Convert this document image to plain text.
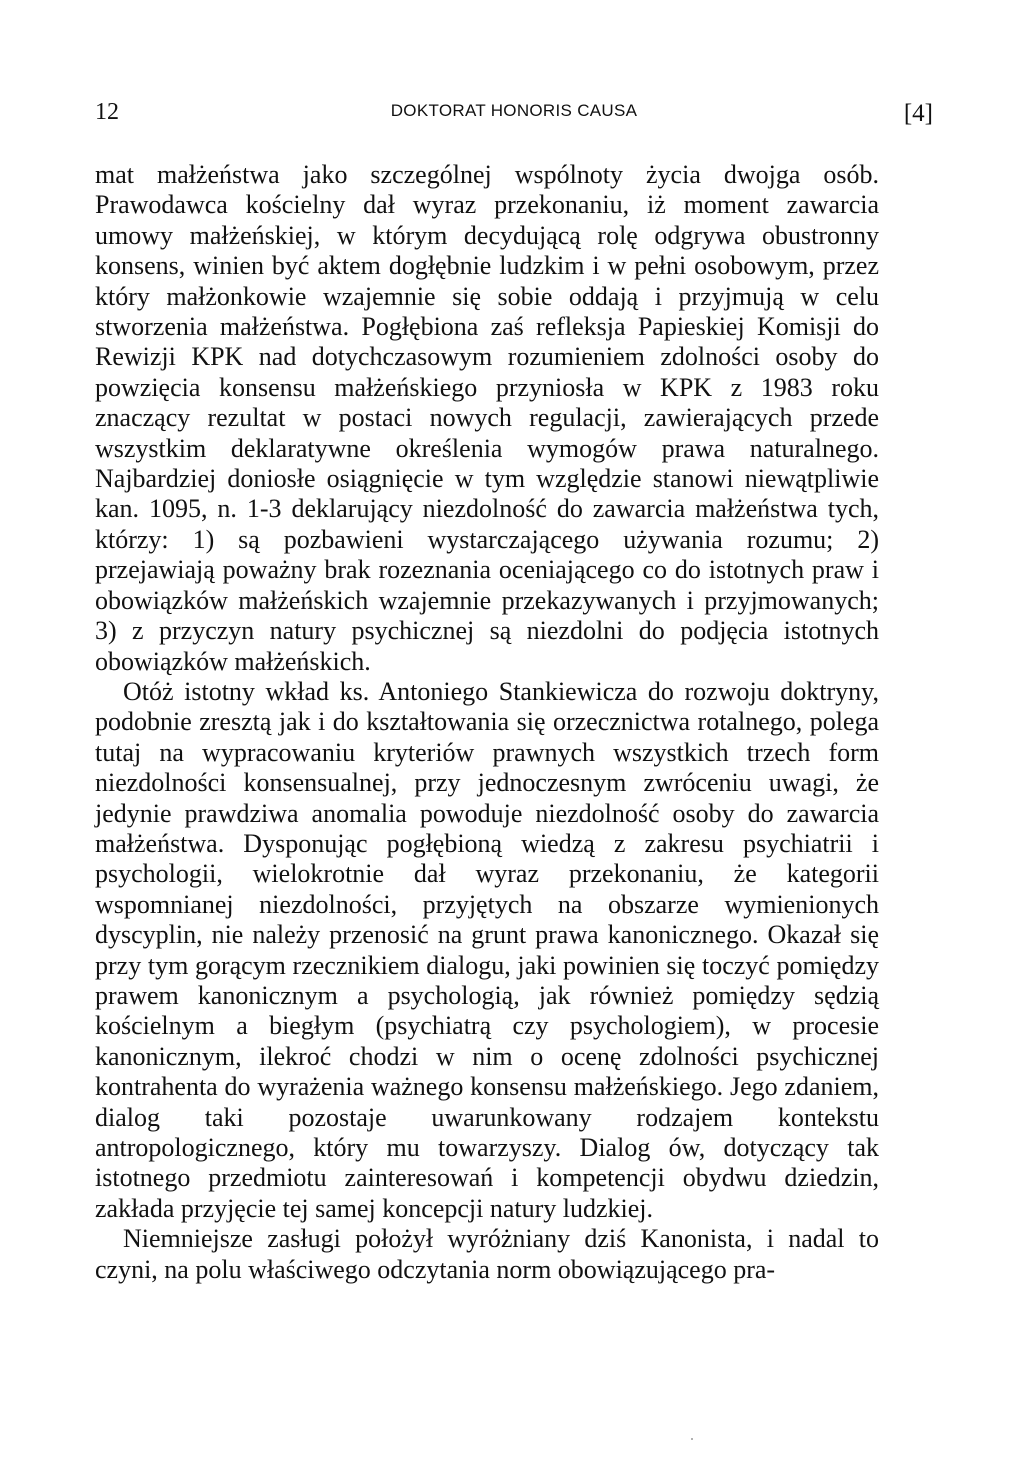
12	DOKTORAT HONORIS CAUSA	[4]

mat małżeństwa jako szczególnej wspólnoty życia dwojga osób. Prawodawca kościelny dał wyraz przekonaniu, iż moment zawarcia umowy małżeńskiej, w którym decydującą rolę odgrywa obustronny konsens, winien być aktem dogłębnie ludzkim i w pełni osobowym, przez który małżonkowie wzajemnie się sobie oddają i przyjmują w celu stworzenia małżeństwa. Pogłębiona zaś refleksja Papieskiej Komisji do Rewizji KPK nad dotychczasowym rozumieniem zdolności osoby do powzięcia konsensu małżeńskiego przyniosła w KPK z 1983 roku znaczący rezultat w postaci nowych regulacji, zawierających przede wszystkim deklaratywne określenia wymogów prawa naturalnego. Najbardziej doniosłe osiągnięcie w tym względzie stanowi niewątpliwie kan. 1095, n. 1-3 deklarujący niezdolność do zawarcia małżeństwa tych, którzy: 1) są pozbawieni wystarczającego używania rozumu; 2) przejawiają poważny brak rozeznania oceniającego co do istotnych praw i obowiązków małżeńskich wzajemnie przekazywanych i przyjmowanych; 3) z przyczyn natury psychicznej są niezdolni do podjęcia istotnych obowiązków małżeńskich.

Otóż istotny wkład ks. Antoniego Stankiewicza do rozwoju doktryny, podobnie zresztą jak i do kształtowania się orzecznictwa rotalnego, polega tutaj na wypracowaniu kryteriów prawnych wszystkich trzech form niezdolności konsensualnej, przy jednoczesnym zwróceniu uwagi, że jedynie prawdziwa anomalia powoduje niezdolność osoby do zawarcia małżeństwa. Dysponując pogłębioną wiedzą z zakresu psychiatrii i psychologii, wielokrotnie dał wyraz przekonaniu, że kategorii wspomnianej niezdolności, przyjętych na obszarze wymienionych dyscyplin, nie należy przenosić na grunt prawa kanonicznego. Okazał się przy tym gorącym rzecznikiem dialogu, jaki powinien się toczyć pomiędzy prawem kanonicznym a psychologią, jak również pomiędzy sędzią kościelnym a biegłym (psychiatrą czy psychologiem), w procesie kanonicznym, ilekroć chodzi w nim o ocenę zdolności psychicznej kontrahenta do wyrażenia ważnego konsensu małżeńskiego. Jego zdaniem, dialog taki pozostaje uwarunkowany rodzajem kontekstu antropologicznego, który mu towarzyszy. Dialog ów, dotyczący tak istotnego przedmiotu zainteresowań i kompetencji obydwu dziedzin, zakłada przyjęcie tej samej koncepcji natury ludzkiej.

Niemniejsze zasługi położył wyróżniany dziś Kanonista, i nadal to czyni, na polu właściwego odczytania norm obowiązującego pra-
